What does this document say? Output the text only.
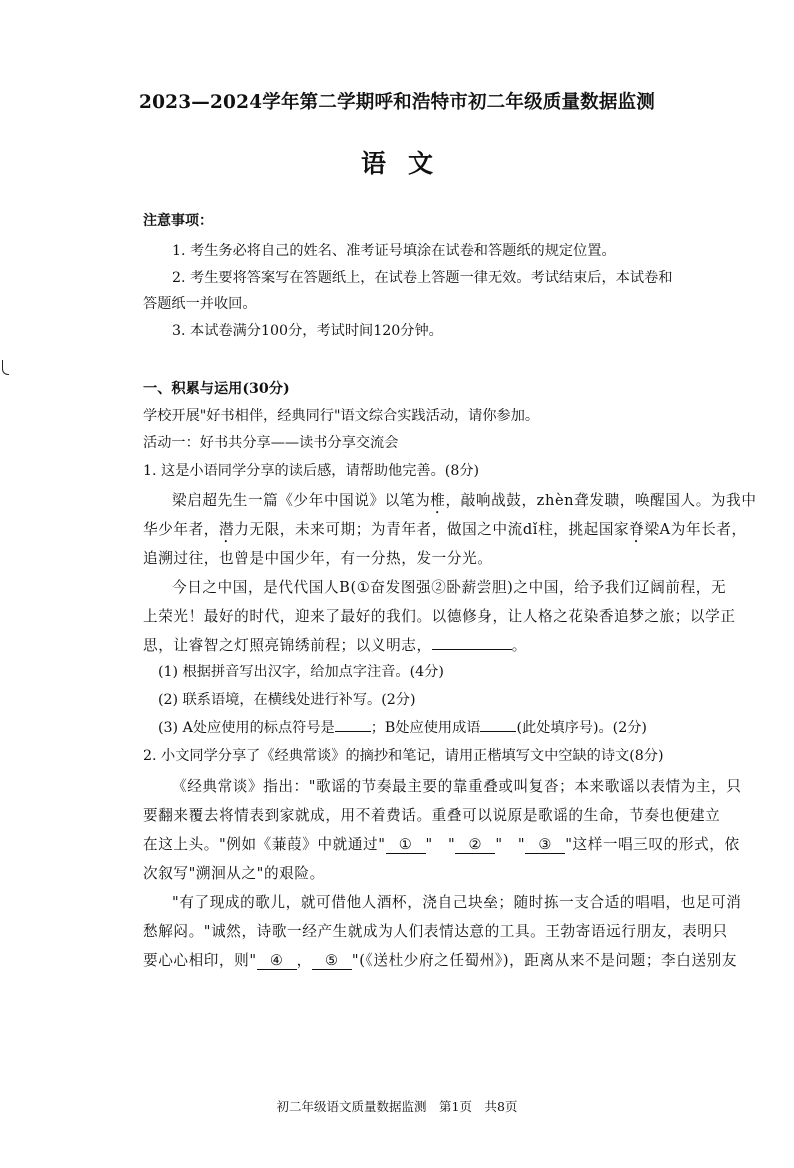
2023—2024学年第二学期呼和浩特市初二年级质量数据监测
语文
注意事项：
1. 考生务必将自己的姓名、准考证号填涂在试卷和答题纸的规定位置。
2. 考生要将答案写在答题纸上，在试卷上答题一律无效。考试结束后，本试卷和
答题纸一并收回。
3. 本试卷满分100分，考试时间120分钟。
一、积累与运用(30分)
学校开展"好书相伴，经典同行"语文综合实践活动，请你参加。
活动一：好书共分享——读书分享交流会
1. 这是小语同学分享的读后感，请帮助他完善。(8分)
梁启超先生一篇《少年中国说》以笔为椎，敲响战鼓，zhèn聋发聩，唤醒国人。为我中
华少年者，潜力无限，未来可期；为青年者，做国之中流dǐ柱，挑起国家脊梁A为年长者，
追溯过往，也曾是中国少年，有一分热，发一分光。
今日之中国，是代代国人B(①奋发图强②卧薪尝胆)之中国，给予我们辽阔前程，无
上荣光！最好的时代，迎来了最好的我们。以德修身，让人格之花染香追梦之旅；以学正
思，让睿智之灯照亮锦绣前程；以义明志，	。
(1) 根据拼音写出汉字，给加点字注音。(4分)
(2) 联系语境，在横线处进行补写。(2分)
(3) A处应使用的标点符号是	；B处应使用成语	(此处填序号)。(2分)
2. 小文同学分享了《经典常谈》的摘抄和笔记，请用正楷填写文中空缺的诗文(8分)
《经典常谈》指出："歌谣的节奏最主要的靠重叠或叫复沓；本来歌谣以表情为主，只
要翻来覆去将情表到家就成，用不着费话。重叠可以说原是歌谣的生命，节奏也便建立
在这上头。"例如《蒹葭》中就通过" ① "　" ② "　" ③ "这样一唱三叹的形式，依
次叙写"溯洄从之"的艰险。
"有了现成的歌儿，就可借他人酒杯，浇自己块垒；随时拣一支合适的唱唱，也足可消
愁解闷。"诚然，诗歌一经产生就成为人们表情达意的工具。王勃寄语远行朋友，表明只
要心心相印，则" ④ ， ⑤ "(《送杜少府之任蜀州》)，距离从来不是问题；李白送别友
初二年级语文质量数据监测　第1页　共8页
